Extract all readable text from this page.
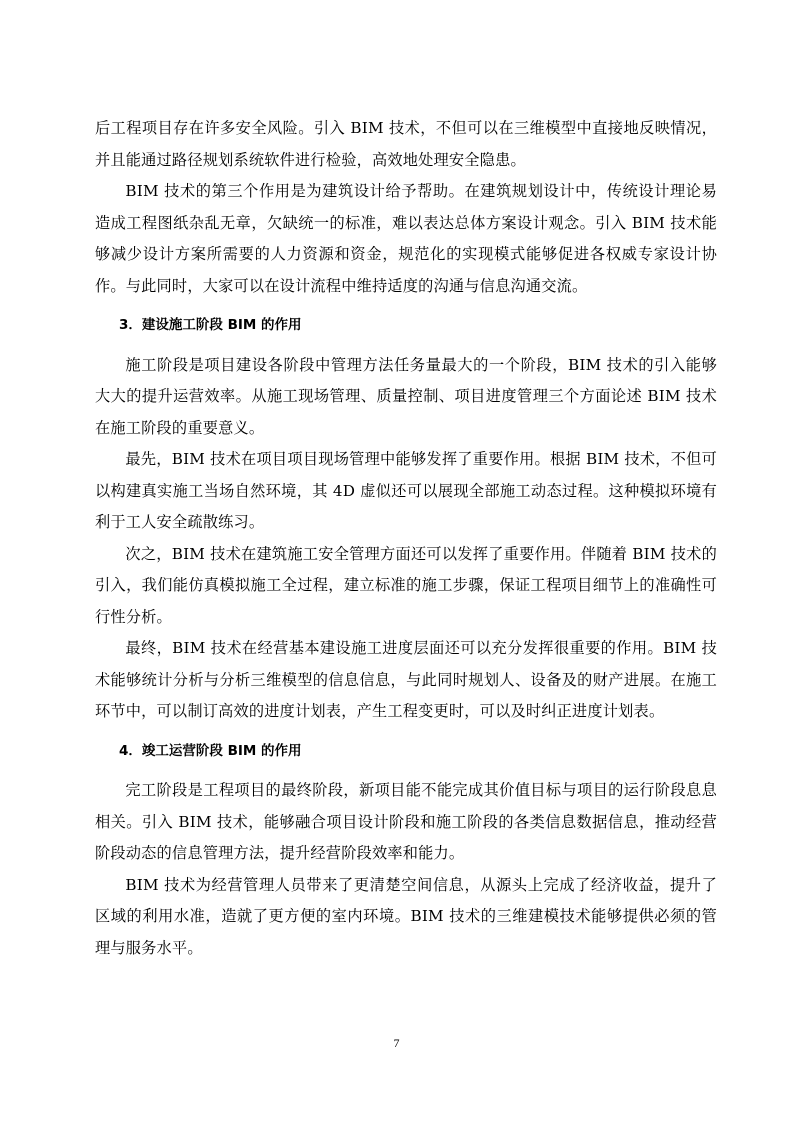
后工程项目存在许多安全风险。引入 BIM 技术，不但可以在三维模型中直接地反映情况，并且能通过路径规划系统软件进行检验，高效地处理安全隐患。

BIM 技术的第三个作用是为建筑设计给予帮助。在建筑规划设计中，传统设计理论易造成工程图纸杂乱无章，欠缺统一的标准，难以表达总体方案设计观念。引入 BIM 技术能够减少设计方案所需要的人力资源和资金，规范化的实现模式能够促进各权威专家设计协作。与此同时，大家可以在设计流程中维持适度的沟通与信息沟通交流。

3．建设施工阶段 BIM 的作用

施工阶段是项目建设各阶段中管理方法任务量最大的一个阶段，BIM 技术的引入能够大大的提升运营效率。从施工现场管理、质量控制、项目进度管理三个方面论述 BIM 技术在施工阶段的重要意义。

最先，BIM 技术在项目项目现场管理中能够发挥了重要作用。根据 BIM 技术，不但可以构建真实施工当场自然环境，其 4D 虚似还可以展现全部施工动态过程。这种模拟环境有利于工人安全疏散练习。

次之，BIM 技术在建筑施工安全管理方面还可以发挥了重要作用。伴随着 BIM 技术的引入，我们能仿真模拟施工全过程，建立标准的施工步骤，保证工程项目细节上的准确性可行性分析。

最终，BIM 技术在经营基本建设施工进度层面还可以充分发挥很重要的作用。BIM 技术能够统计分析与分析三维模型的信息信息，与此同时规划人、设备及的财产进展。在施工环节中，可以制订高效的进度计划表，产生工程变更时，可以及时纠正进度计划表。

4．竣工运营阶段 BIM 的作用

完工阶段是工程项目的最终阶段，新项目能不能完成其价值目标与项目的运行阶段息息相关。引入 BIM 技术，能够融合项目设计阶段和施工阶段的各类信息数据信息，推动经营阶段动态的信息管理方法，提升经营阶段效率和能力。

BIM 技术为经营管理人员带来了更清楚空间信息，从源头上完成了经济收益，提升了区域的利用水准，造就了更方便的室内环境。BIM 技术的三维建模技术能够提供必须的管理与服务水平。

7
